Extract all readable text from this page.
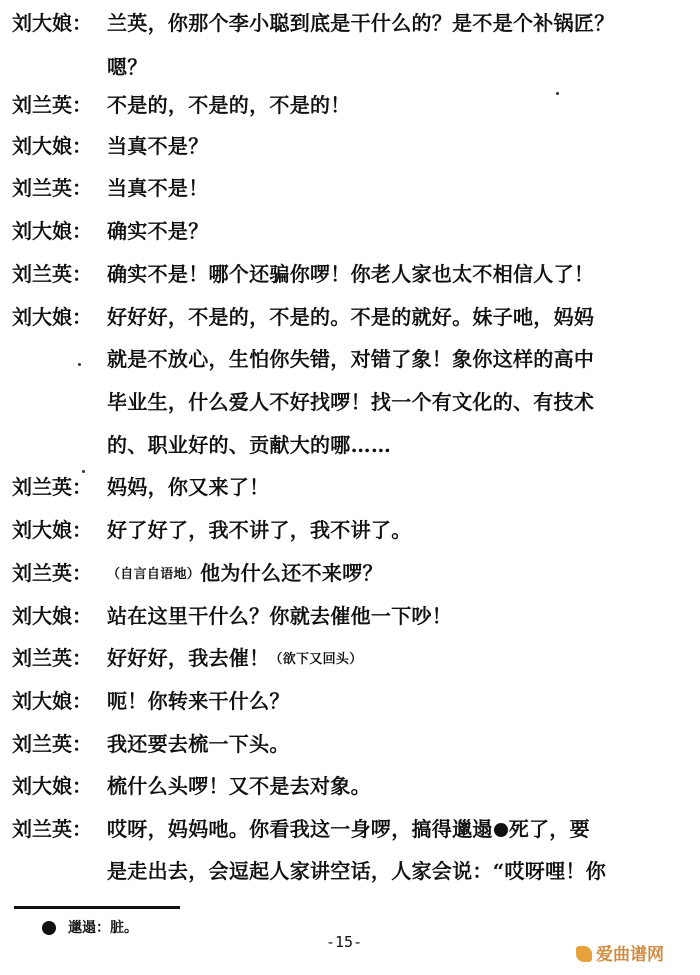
刘大娘： 兰英，你那个李小聪到底是干什么的？是不是个补锅匠？
嗯？
刘兰英： 不是的，不是的，不是的！
刘大娘： 当真不是？
刘兰英： 当真不是！
刘大娘： 确实不是？
刘兰英： 确实不是！哪个还骗你啰！你老人家也太不相信人了！
刘大娘： 好好好，不是的，不是的。不是的就好。妹子吔，妈妈
就是不放心，生怕你失错，对错了象！象你这样的高中
毕业生，什么爱人不好找啰！找一个有文化的、有技术
的、职业好的、贡献大的哪……
刘兰英： 妈妈，你又来了！
刘大娘： 好了好了，我不讲了，我不讲了。
刘兰英： （自言自语地）他为什么还不来啰？
刘大娘： 站在这里干什么？你就去催他一下吵！
刘兰英： 好好好，我去催！（欲下又回头）
刘大娘： 呃！你转来干什么？
刘兰英： 我还要去梳一下头。
刘大娘： 梳什么头啰！又不是去对象。
刘兰英： 哎呀，妈妈吔。你看我这一身啰，搞得邋遢 死了，要
是走出去，会逗起人家讲空话，人家会说：“哎呀哩！你
邋遢：脏。
-15-
爱曲谱网
